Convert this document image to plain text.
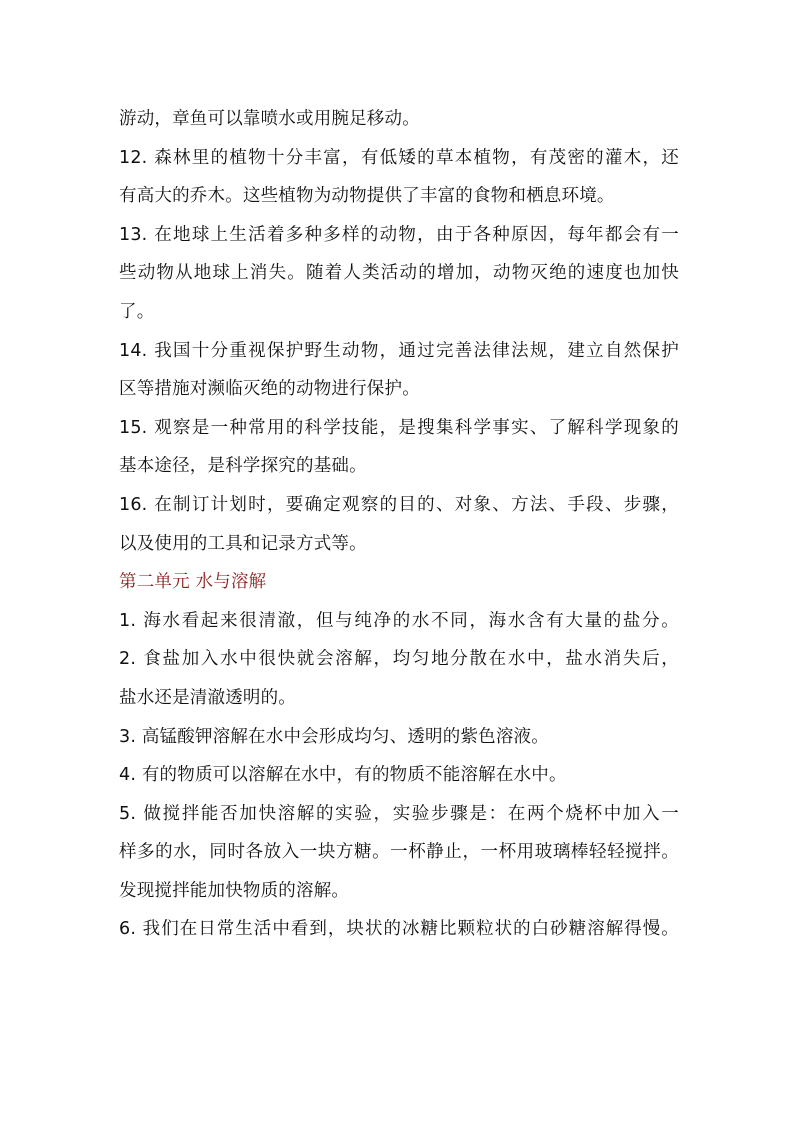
游动，章鱼可以靠喷水或用腕足移动。
12. 森林里的植物十分丰富，有低矮的草本植物，有茂密的灌木，还
有高大的乔木。这些植物为动物提供了丰富的食物和栖息环境。
13. 在地球上生活着多种多样的动物，由于各种原因，每年都会有一
些动物从地球上消失。随着人类活动的增加，动物灭绝的速度也加快
了。
14. 我国十分重视保护野生动物，通过完善法律法规，建立自然保护
区等措施对濒临灭绝的动物进行保护。
15. 观察是一种常用的科学技能，是搜集科学事实、了解科学现象的
基本途径，是科学探究的基础。
16. 在制订计划时，要确定观察的目的、对象、方法、手段、步骤，
以及使用的工具和记录方式等。
第二单元 水与溶解
1. 海水看起来很清澈，但与纯净的水不同，海水含有大量的盐分。
2. 食盐加入水中很快就会溶解，均匀地分散在水中，盐水消失后，
盐水还是清澈透明的。
3. 高锰酸钾溶解在水中会形成均匀、透明的紫色溶液。
4. 有的物质可以溶解在水中，有的物质不能溶解在水中。
5. 做搅拌能否加快溶解的实验，实验步骤是：在两个烧杯中加入一
样多的水，同时各放入一块方糖。一杯静止，一杯用玻璃棒轻轻搅拌。
发现搅拌能加快物质的溶解。
6. 我们在日常生活中看到，块状的冰糖比颗粒状的白砂糖溶解得慢。
